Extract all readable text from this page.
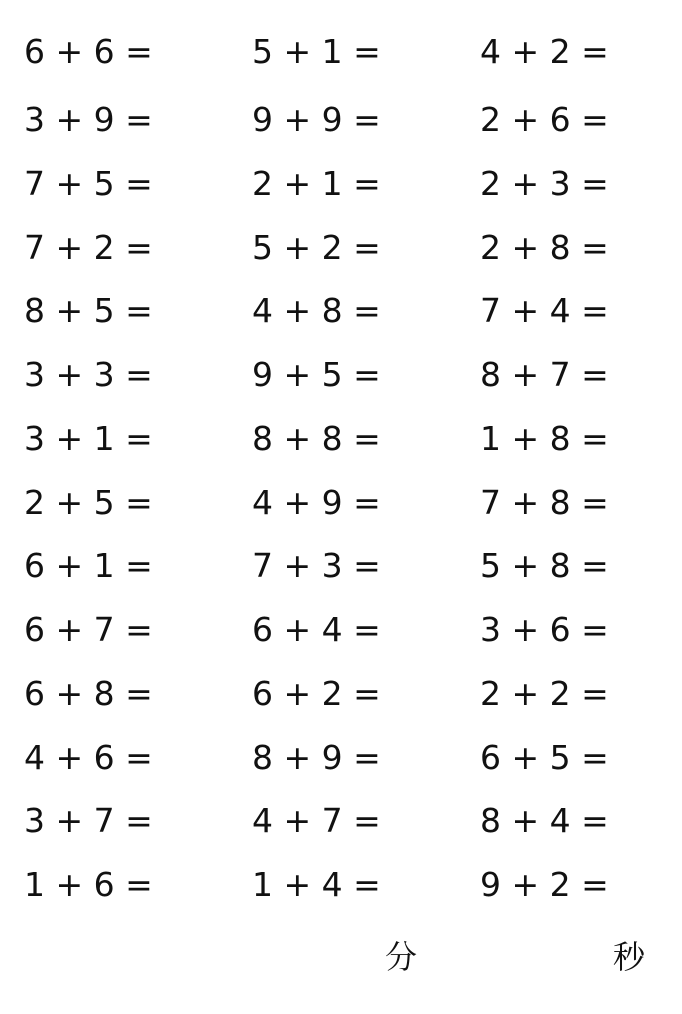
6 + 6 =
3 + 9 =
7 + 5 =
7 + 2 =
8 + 5 =
3 + 3 =
3 + 1 =
2 + 5 =
6 + 1 =
6 + 7 =
6 + 8 =
4 + 6 =
3 + 7 =
1 + 6 =
5 + 1 =
9 + 9 =
2 + 1 =
5 + 2 =
4 + 8 =
9 + 5 =
8 + 8 =
4 + 9 =
7 + 3 =
6 + 4 =
6 + 2 =
8 + 9 =
4 + 7 =
1 + 4 =
4 + 2 =
2 + 6 =
2 + 3 =
2 + 8 =
7 + 4 =
8 + 7 =
1 + 8 =
7 + 8 =
5 + 8 =
3 + 6 =
2 + 2 =
6 + 5 =
8 + 4 =
9 + 2 =
分	秒
